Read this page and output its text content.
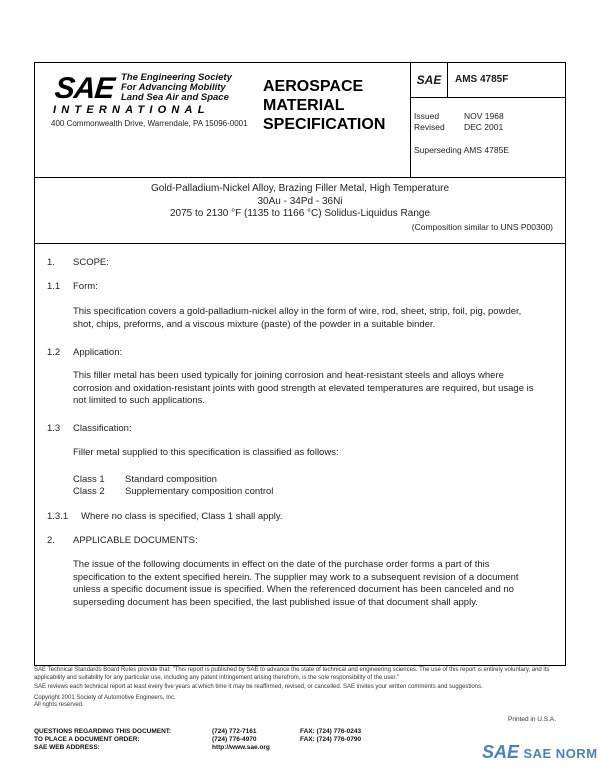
SAE The Engineering Society
For Advancing Mobility
Land Sea Air and Space
INTERNATIONAL
400 Commonwealth Drive, Warrendale, PA 15096-0001
AEROSPACE
MATERIAL
SPECIFICATION
SAE	AMS 4785F
Issued	NOV 1968
Revised DEC 2001
Superseding AMS 4785E
Gold-Palladium-Nickel Alloy, Brazing Filler Metal, High Temperature
30Au - 34Pd - 36Ni
2075 to 2130 °F (1135 to 1166 °C) Solidus-Liquidus Range
(Composition similar to UNS P00300)
1. SCOPE:
1.1 Form:
This specification covers a gold-palladium-nickel alloy in the form of wire, rod, sheet, strip, foil, pig, powder, shot, chips, preforms, and a viscous mixture (paste) of the powder in a suitable binder.
1.2 Application:
This filler metal has been used typically for joining corrosion and heat-resistant steels and alloys where corrosion and oxidation-resistant joints with good strength at elevated temperatures are required, but usage is not limited to such applications.
1.3 Classification:
Filler metal supplied to this specification is classified as follows:
Class 1 Standard composition
Class 2 Supplementary composition control
1.3.1 Where no class is specified, Class 1 shall apply.
2. APPLICABLE DOCUMENTS:
The issue of the following documents in effect on the date of the purchase order forms a part of this specification to the extent specified herein. The supplier may work to a subsequent revision of a document unless a specific document issue is specified. When the referenced document has been canceled and no superseding document has been specified, the last published issue of that document shall apply.

SAE Technical Standards Board Rules provide that: "This report is published by SAE to advance the state of technical and engineering sciences. The use of this report is entirely voluntary, and its applicability and suitability for any particular use, including any patent infringement arising therefrom, is the sole responsibility of the user."

SAE reviews each technical report at least every five years at which time it may be reaffirmed, revised, or cancelled. SAE invites your written comments and suggestions.

Copyright 2001 Society of Automotive Engineers, Inc.

All rights reserved.

Printed in U.S.A.
QUESTIONS REGARDING THIS DOCUMENT:	(724) 772-7161	FAX: (724) 776-0243
TO PLACE A DOCUMENT ORDER:	(724) 776-4970	FAX: (724) 776-0790
SAE WEB ADDRESS:	http://www.sae.org	SAE SAE NORM
